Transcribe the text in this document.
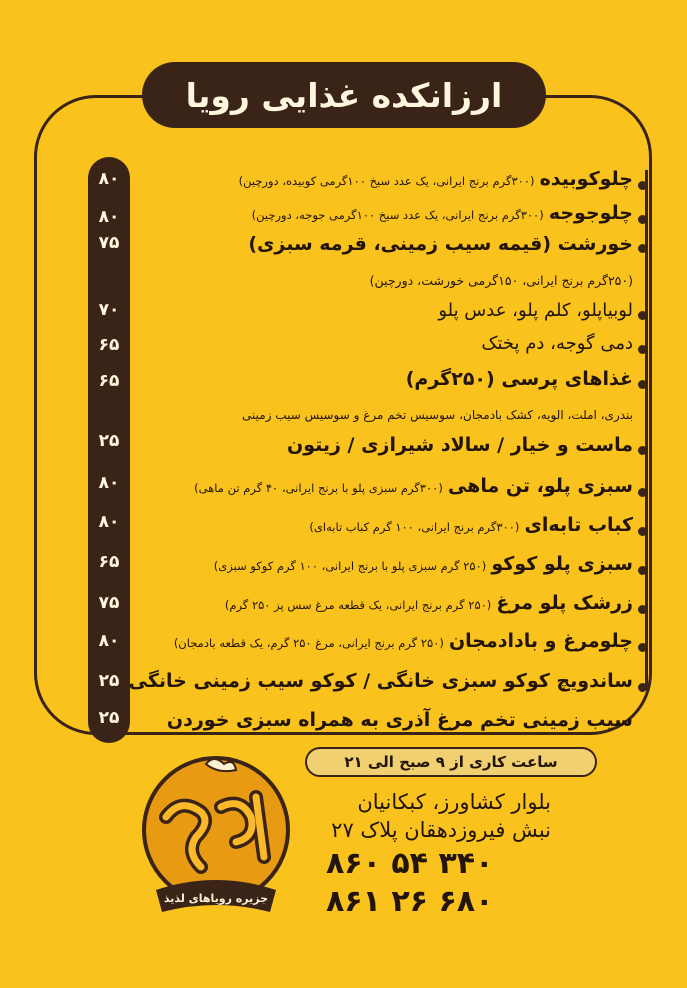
ارزانکده غذایی رویا
۸۰
۸۰
۷۵
۷۰
۶۵
۶۵
۲۵
۸۰
۸۰
۶۵
۷۵
۸۰
۲۵
۲۵
چلوکوبیده (۳۰۰گرم برنج ایرانی، یک عدد سیخ ۱۰۰گرمی کوبیده، دورچین)
چلوجوجه (۳۰۰گرم برنج ایرانی، یک عدد سیخ ۱۰۰گرمی جوجه، دورچین)
خورشت (قیمه سیب زمینی، قرمه سبزی)
(۲۵۰گرم برنج ایرانی، ۱۵۰گرمی خورشت، دورچین)
لوبیاپلو، کلم پلو، عدس پلو
دمی گوجه، دم پختک
غذاهای پرسی (۲۵۰گرم)
بندری، املت، الویه، کشک بادمجان، سوسیس تخم مرغ و سوسیس سیب زمینی
ماست و خیار / سالاد شیرازی / زیتون
سبزی پلو، تن ماهی (۳۰۰گرم سبزی پلو با برنج ایرانی، ۴۰ گرم تن ماهی)
کباب تابه‌ای (۳۰۰گرم برنج ایرانی، ۱۰۰ گرم کباب تابه‌ای)
سبزی پلو کوکو (۲۵۰ گرم سبزی پلو با برنج ایرانی، ۱۰۰ گرم کوکو سبزی)
زرشک پلو مرغ (۲۵۰ گرم برنج ایرانی، یک قطعه مرغ سس پز ۲۵۰ گرم)
چلومرغ و بادادمجان (۲۵۰ گرم برنج ایرانی، مرغ ۲۵۰ گرم، یک قطعه بادمجان)
ساندویچ کوکو سبزی خانگی / کوکو سیب زمینی خانگی
سیب زمینی تخم مرغ آذری به همراه سبزی خوردن
ساعت کاری از ۹ صبح الی ۲۱
جزیره رویاهای لذیذ
بلوار کشاورز، کبکانیان
نبش فیروزدهقان پلاک ۲۷
۸۶۰ ۵۴ ۳۴۰
۸۶۱ ۲۶ ۶۸۰
